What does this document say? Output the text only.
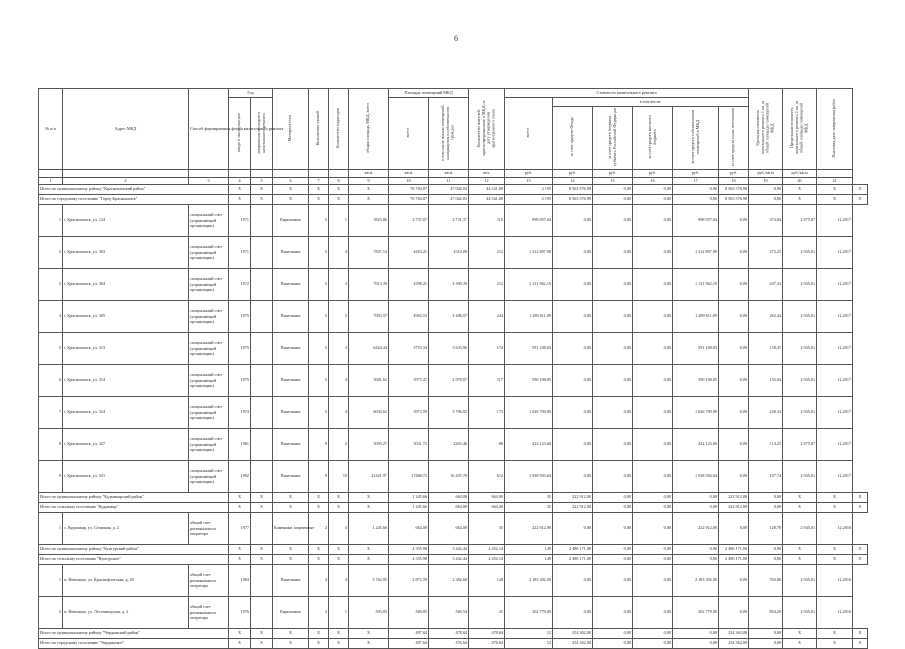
6
№ п/п	Адрес МКД	Способ формирования фонда капитального ремонта	Год		Материал стен	Количество этажей	Количество подъездов	общая площадь МКД, всего	Площадь помещений МКД		Количество жителей, зарегистрированных в МКД на дату утверждения краткосрочного плана	Стоимость капитального ремонта						Удельная стоимость капитального ремонта 1 кв. м общей площади помещений МКД	Предельная стоимость капитального ремонта 1 кв. м общей площади помещений МКД	Плановая дата завершения работ	
			ввода в эксплуатацию	завершения последнего капитального ремонта					всего	в том числе жилых помещений, находящихся в собственности граждан		всего	в том числе:								
													за счет средств Фонда	за счет средств бюджета субъекта Российской Федерации	за счет средств местного бюджета	за счет средств собственников помещений в МКД	за счет средств иных источников				
								кв.м	кв.м	кв.м	чел.	руб.	руб.	руб.	руб.	руб.	руб.	руб./кв.м	руб./кв.м		
1	2	3	4	5	6	7	8	9	10	11	12	13	14	15	16	17	18	19	20	21	
Итого по муниципальному району "Краснокамский район"			X	X	X	X	X	X	76 704,87	47 042,03	44 541,68	2 195	8 563 576,98	0,00	0,00	0,00	8 563 576,98	0,00	X	X	X
Итого по городскому поселению "Город Краснокамск"			X	X	X	X	X	X	76 704,87	47 042,03	44 541,68	2 195	8 563 576,98	0,00	0,00	0,00	8 563 576,98	0,00	X	X	X
1	г. Краснокамск, ул. 124	специальный счет (управляющей организации)	1971		Кирпичные	5	1	3823,86	2 737,07	2 731,37	110	998 057,04	0,00	0,00	0,00	998 057,04	0,00	374,84	2 875,87	12.2017	
2	г. Краснокамск, ул. 303	специальный счет (управляющей организации)	1971		Панельные	5	4	7847,14	4410,21	4310,08	212	1 312 807,90	0,00	0,00	0,00	1 312 807,90	0,00	272,25	2 945,01	12.2017	
3	г. Краснокамск, ул. 304	специальный счет (управляющей организации)	1972		Панельные	5	3	7013,39	4398,21	4 390,39	212	1 131 962,19	0,00	0,00	0,00	1 131 962,19	0,00	247,33	2 945,01	12.2017	
4	г. Краснокамск, ул. 305	специальный счет (управляющей организации)	1975		Панельные	5	5	7093,57	4963,53	4 206,57	244	1 289 611,09	0,00	0,00	0,00	1 289 611,09	0,00	262,44	2 945,01	12.2017	
5	г. Краснокамск, ул. 313	специальный счет (управляющей организации)	1975		Панельные	5	3	6424,44	3753,34	3 633,96	174	591 108,83	0,00	0,00	0,00	591 108,83	0,00	158,47	2 945,01	12.2017	
6	г. Краснокамск, ул. 314	специальный счет (управляющей организации)	1975		Панельные	5	4	5081,62	3975,47	2 970,07	117	590 198,85	0,00	0,00	0,00	590 198,85	0,00	155,04	2 945,01	12.2017	
7	г. Краснокамск, ул. 324	специальный счет (управляющей организации)	1974		Панельные	5	4	6030,62	3973,59	3 796,02	173	1 026 709,90	0,00	0,00	0,00	1 026 709,90	0,00	258,34	2 945,01	12.2017	
8	г. Краснокамск, ул. 327	специальный счет (управляющей организации)	1981		Панельные	9	2	3050,27	3031,72	2203,46	86	422 123,60	0,00	0,00	0,00	422 123,60	0,00	114,25	2 875,87	12.2017	
9	г. Краснокамск, ул. 331	специальный счет (управляющей организации)	1992		Панельные	9	10	21421,97	17468,72	16 455,70	612	1 938 503,64	0,00	0,00	0,00	1 938 503,64	0,00	107,74	2 945,01	12.2017	
Итого по муниципальному району "Кудымкарский район"			X	X	X	X	X	X	1 245,66	664,00	664,00	35	222 912,00	0,00	0,00	0,00	222 912,00	0,00	X	X	X
Итого по сельскому поселению "Кудымкар"			X	X	X	X	X	X	1 245,66	664,00	664,00	35	222 912,00	0,00	0,00	0,00	222 912,00	0,00	X	X	X
1	с. Кудымкар, ул. Стоячная, д. 2	общий счет регионального оператора	1977		Каменные, кирпичные	2	3	1 245,66	664,00	664,00	35	222 912,00	0,00	0,00	0,00	222 912,00	0,00	128,70	2 945,01	12.2016	
Итого по муниципальному району "Кунгурский район"			X	X	X	X	X	X	4 355,98	3 442,44	2 452,14	149	2 486 171,00	0,00	0,00	0,00	2 486 171,00	0,00	X	X	X
Итого по сельскому поселению "Кунгурское"			X	X	X	X	X	X	4 355,98	3 442,44	2 452,14	149	2 486 171,00	0,00	0,00	0,00	2 486 171,00	0,00	X	X	X
1	п. Неволино, ул. Краснофлотская, д. 28	общий счет регионального оператора	1984		Панельные	4	4	3 762,95	2 872,59	2 382,60	128	2 183 392,00	0,00	0,00	0,00	2 183 392,00	0,00	763,86	2 945,01	12.2016	
2	п. Неволино, ул. Лесозаводская, д. 2	общий счет регионального оператора	1976		Кирпичные	2	1	593,03	569,85	569,54	21	302 779,00	0,00	0,00	0,00	302 779,00	0,00	854,20	2 945,01	12.2016	
Итого по муниципальному району "Чердынский район"			X	X	X	X	X	X	497,64	478,64	478,64	12	254 362,00	0,00	0,00	0,00	254 362,00	0,00	X	X	X
Итого по городскому поселению "Чердынское"			X	X	X	X	X	X	497,64	476,64	476,64	12	254 362,00	0,00	0,00	0,00	254 362,00	0,00	X	X	X
